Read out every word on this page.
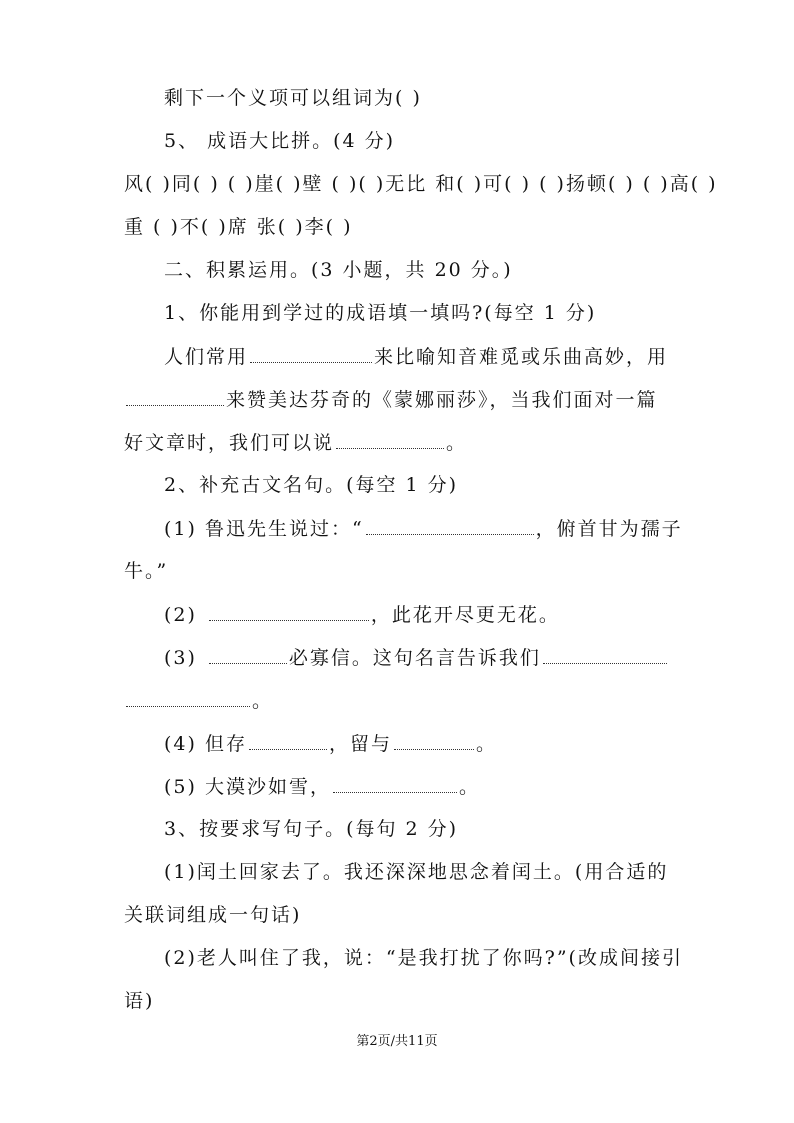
剩下一个义项可以组词为( )
5、 成语大比拼。(4 分)
风( )同( ) ( )崖( )壁 ( )( )无比 和( )可( ) ( )扬顿( ) ( )高( )
重 ( )不( )席 张( )李( )
二、积累运用。(3 小题，共 20 分。)
1、你能用到学过的成语填一填吗?(每空 1 分)
人们常用	来比喻知音难觅或乐曲高妙，用
来赞美达芬奇的《蒙娜丽莎》，当我们面对一篇
好文章时，我们可以说	。
2、补充古文名句。(每空 1 分)
(1) 鲁迅先生说过：“	，俯首甘为孺子
牛。”
(2)	，此花开尽更无花。
(3)	必寡信。这句名言告诉我们
。
(4) 但存	，留与	。
(5) 大漠沙如雪，	。
3、按要求写句子。(每句 2 分)
(1)闰土回家去了。我还深深地思念着闰土。(用合适的
关联词组成一句话)
(2)老人叫住了我，说：“是我打扰了你吗?”(改成间接引
语)
第2页/共11页
